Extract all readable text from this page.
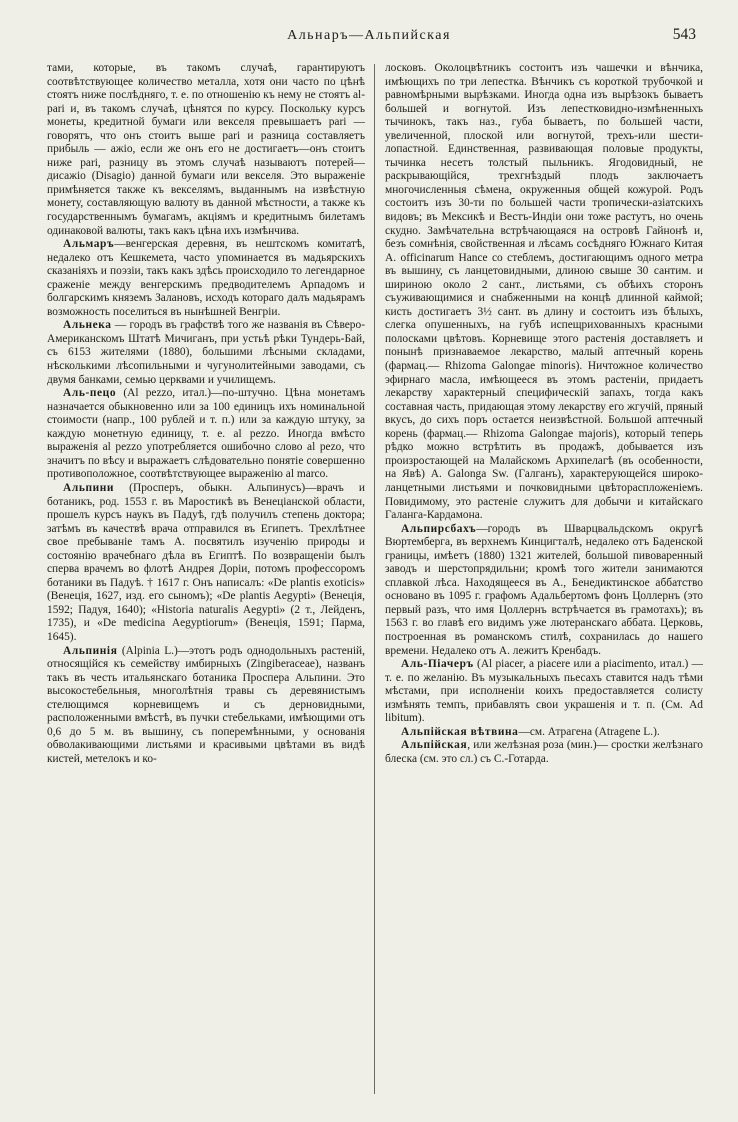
Альнаръ—Альпийская	543

тами, которые, въ такомъ случаѣ, гарантируютъ соотвѣтствующее количество металла, хотя они часто по цѣнѣ стоятъ ниже послѣдняго, т. е. по отношенію къ нему не стоятъ al-pari и, въ такомъ случаѣ, цѣнятся по курсу. Поскольку курсъ монеты, кредитной бумаги или векселя превышаетъ pari — говорятъ, что онъ стоитъ выше pari и разница составляетъ прибыль — ажіо, если же онъ его не достигаетъ—онъ стоитъ ниже pari, разницу въ этомъ случаѣ называютъ потерей—дисажіо (Disagio) данной бумаги или векселя. Это выраженіе примѣняется также къ векселямъ, выданнымъ на извѣстную монету, составляющую валюту въ данной мѣстности, а также къ государственнымъ бумагамъ, акціямъ и кредитнымъ билетамъ одинаковой валюты, такъ какъ цѣна ихъ измѣнчива.

Альмаръ—венгерская деревня, въ нештскомъ комитатѣ, недалеко отъ Кешкемета, часто упоминается въ мадьярскихъ сказаніяхъ и поэзіи, такъ какъ здѣсь происходило то легендарное сраженіе между венгерскимъ предводителемъ Арпадомъ и болгарскимъ княземъ Залановъ, исходъ котораго далъ мадьярамъ возможность поселиться въ нынѣшней Венгріи.

Альнека — городъ въ графствѣ того же названія въ Сѣверо-Американскомъ Штатѣ Мичиганъ, при устьѣ рѣки Тундерь-Бай, съ 6153 жителями (1880), большими лѣсными складами, нѣсколькими лѣсопильными и чугунолитейными заводами, съ двумя банками, семью церквами и училищемъ.

Аль-пецо (Al pezzo, итал.)—по-штучно. Цѣна монетамъ назначается обыкновенно или за 100 единицъ ихъ номинальной стоимости (напр., 100 рублей и т. п.) или за каждую штуку, за каждую монетную единицу, т. е. al pezzo. Иногда вмѣсто выраженія al pezzo употребляется ошибочно слово al pezo, что значитъ по вѣсу и выражаетъ слѣдовательно понятіе совершенно противоположное, соотвѣтствующее выраженію al marco.

Альпини (Просперъ, обыкн. Альпинусъ)—врачъ и ботаникъ, род. 1553 г. въ Маростикѣ въ Венеціанской области, прошелъ курсъ наукъ въ Падуѣ, гдѣ получилъ степень доктора; затѣмъ въ качествѣ врача отправился въ Египетъ. Трехлѣтнее свое пребываніе тамъ А. посвятилъ изученію природы и состоянію врачебнаго дѣла въ Египтѣ. По возвращеніи былъ сперва врачемъ во флотѣ Андрея Доріи, потомъ профессоромъ ботаники въ Падуѣ. † 1617 г. Онъ написалъ: «De plantis exoticis» (Венеція, 1627, изд. его сыномъ); «De plantis Aegypti» (Венеція, 1592; Падуя, 1640); «Historia naturalis Aegypti» (2 т., Лейденъ, 1735), и «De medicina Aegyptiorum» (Венеція, 1591; Парма, 1645).

Альпинія (Alpinia L.)—этотъ родъ однодольныхъ растеній, относящійся къ семейству имбирныхъ (Zingiberaceae), названъ такъ въ честь итальянскаго ботаника Проспера Альпини. Это высокостебельныя, многолѣтнія травы съ деревянистымъ стелющимся корневищемъ и съ дерновидными, расположенными вмѣстѣ, въ пучки стебельками, имѣющими отъ 0,6 до 5 м. въ вышину, съ поперемѣнными, у основанія обволакивающими листьями и красивыми цвѣтами въ видѣ кистей, метелокъ и ко-

лосковъ. Околоцвѣтникъ состоитъ изъ чашечки и вѣнчика, имѣющихъ по три лепестка. Вѣнчикъ съ короткой трубочкой и равномѣрными вырѣзками. Иногда одна изъ вырѣзокъ бываетъ большей и вогнутой. Изъ лепестковидно-измѣненныхъ тычинокъ, такъ наз., губа бываетъ, по большей части, увеличенной, плоской или вогнутой, трехъ-или шести-лопастной. Единственная, развивающая половые продукты, тычинка несетъ толстый пыльникъ. Ягодовидный, не раскрывающійся, трехгнѣздый плодъ заключаетъ многочисленныя сѣмена, окруженныя общей кожурой. Родъ состоитъ изъ 30-ти по большей части тропически-азіатскихъ видовъ; въ Мексикѣ и Вестъ-Индіи они тоже растутъ, но очень скудно. Замѣчательна встрѣчающаяся на островѣ Гайнонѣ и, безъ сомнѣнія, свойственная и лѣсамъ сосѣдняго Южнаго Китая А. officinarum Hance со стеблемъ, достигающимъ одного метра въ вышину, съ ланцетовидными, длиною свыше 30 сантим. и шириною около 2 сант., листьями, съ обѣихъ сторонъ съуживающимися и снабженными на концѣ длинной каймой; кисть достигаетъ 3½ сант. въ длину и состоитъ изъ бѣлыхъ, слегка опушенныхъ, на губѣ испещрихованныхъ красными полосками цвѣтовъ. Корневище этого растенія доставляетъ и понынѣ признаваемое лекарство, малый аптечный корень (фармац.— Rhizoma Galongae minoris). Ничтожное количество эфирнаго масла, имѣющееся въ этомъ растеніи, придаетъ лекарству характерный специфическій запахъ, тогда какъ составная часть, придающая этому лекарству его жгучій, пряный вкусъ, до сихъ поръ остается неизвѣстной. Большой аптечный корень (фармац.— Rhizoma Galongae majoris), который теперь рѣдко можно встрѣтить въ продажѣ, добывается изъ произростающей на Малайскомъ Архипелагѣ (въ особенности, на Явѣ) A. Galonga Sw. (Галганъ), характерующейся широко-ланцетными листьями и почковидными цвѣтораспложеніемъ. Повидимому, это растеніе служитъ для добычи и китайскаго Галанга-Кардамона.

Альпирсбахъ—городъ въ Шварцвальдскомъ округѣ Вюртемберга, въ верхнемъ Кинцигталѣ, недалеко отъ Баденской границы, имѣетъ (1880) 1321 жителей, большой пивоваренный заводъ и шерстопрядильни; кромѣ того жители занимаются сплавкой лѣса. Находящееся въ А., Бенедиктинское аббатство основано въ 1095 г. графомъ Адальбертомъ фонъ Цоллернъ (это первый разъ, что имя Цоллернъ встрѣчается въ грамотахъ); въ 1563 г. во главѣ его видимъ уже лютеранскаго аббата. Церковь, построенная въ романскомъ стилѣ, сохранилась до нашего времени. Недалеко отъ А. лежитъ Кренбадъ.

Аль-Піачеръ (Al piacer, a piacere или a piacimento, итал.) — т. е. по желанію. Въ музыкальныхъ пьесахъ ставится надъ тѣми мѣстами, при исполненіи коихъ предоставляется солисту измѣнять темпъ, прибавлять свои украшенія и т. п. (См. Ad libitum).

Альпійская вѣтвина—см. Атрагена (Atragene L.).

Альпійская, или желѣзная роза (мин.)— сростки желѣзнаго блеска (см. это сл.) съ С.-Готарда.
